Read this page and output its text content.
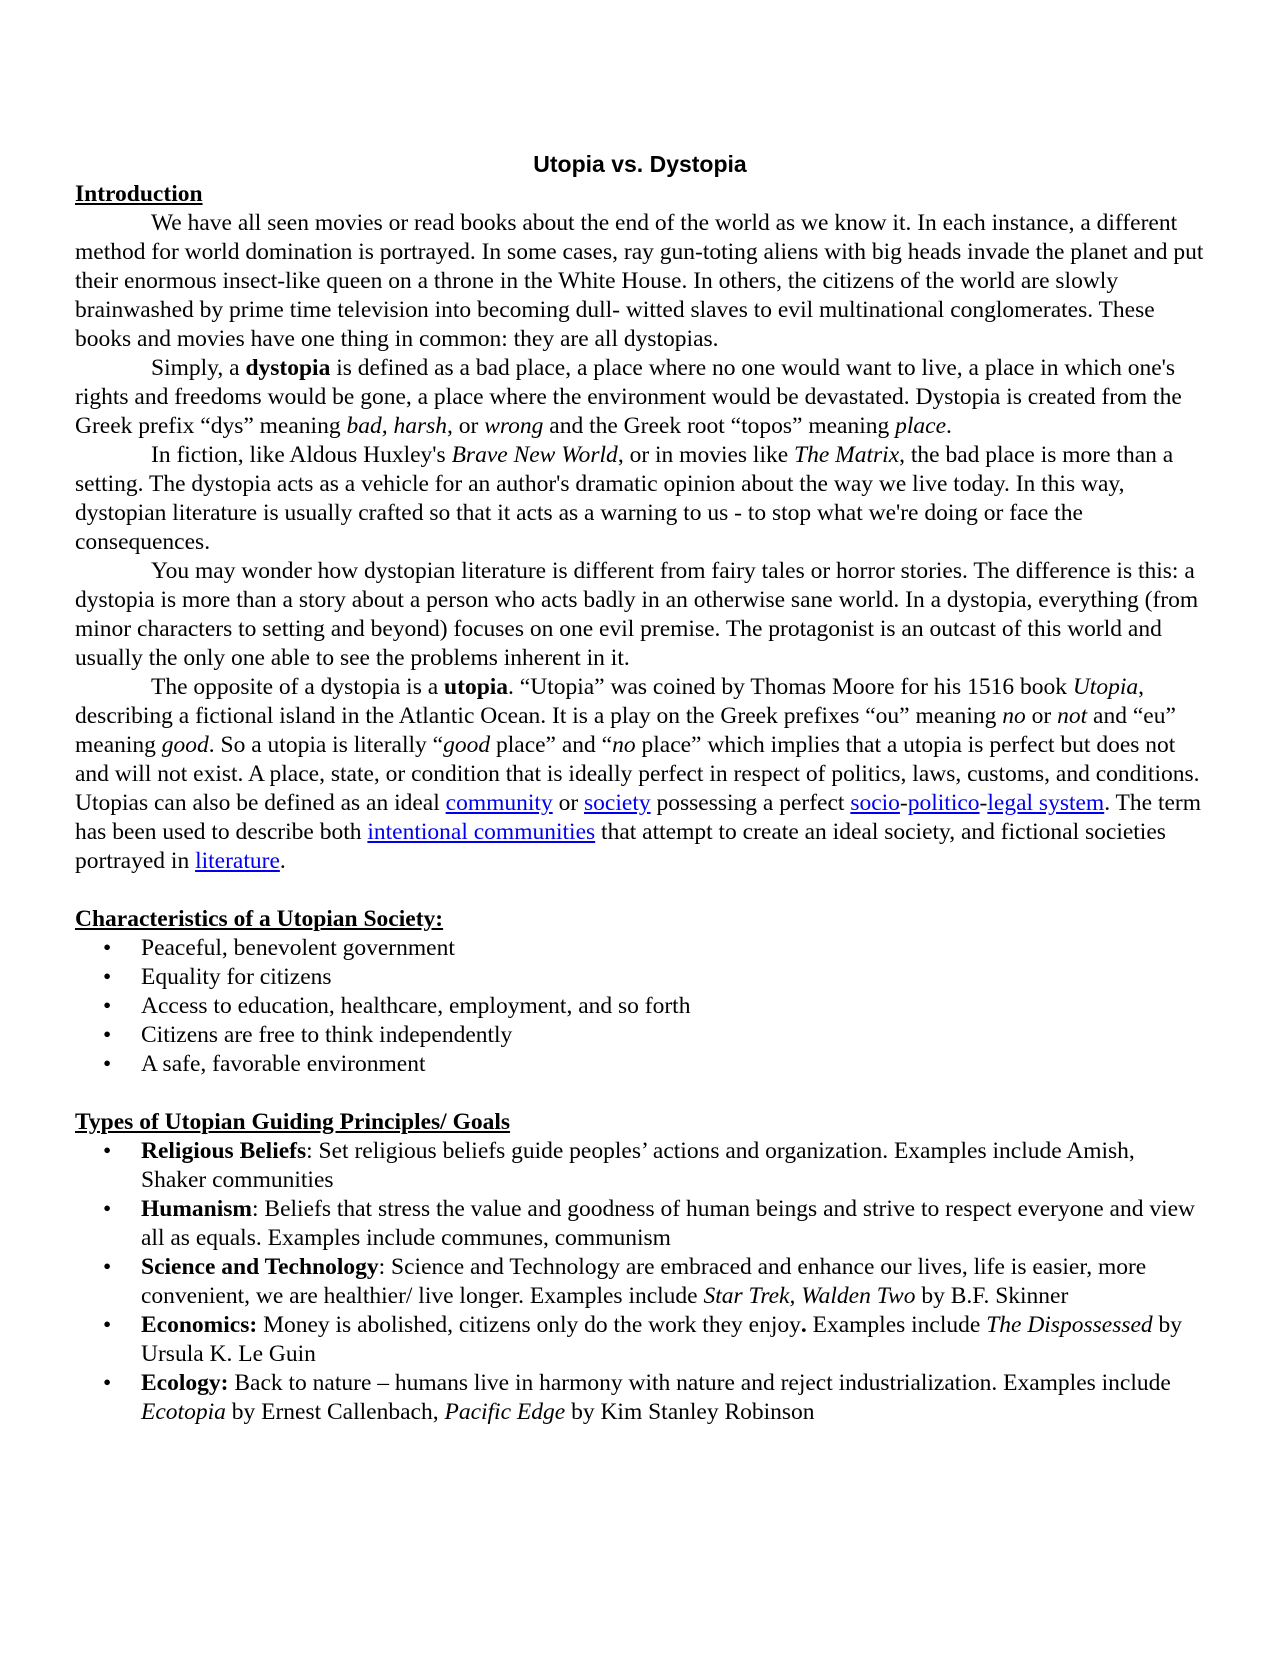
Utopia vs. Dystopia
Introduction

We have all seen movies or read books about the end of the world as we know it. In each instance, a different method for world domination is portrayed. In some cases, ray gun-toting aliens with big heads invade the planet and put their enormous insect-like queen on a throne in the White House. In others, the citizens of the world are slowly brainwashed by prime time television into becoming dull- witted slaves to evil multinational conglomerates. These books and movies have one thing in common: they are all dystopias.

Simply, a dystopia is defined as a bad place, a place where no one would want to live, a place in which one's rights and freedoms would be gone, a place where the environment would be devastated. Dystopia is created from the Greek prefix “dys” meaning bad, harsh, or wrong and the Greek root “topos” meaning place.

In fiction, like Aldous Huxley's Brave New World, or in movies like The Matrix, the bad place is more than a setting. The dystopia acts as a vehicle for an author's dramatic opinion about the way we live today. In this way, dystopian literature is usually crafted so that it acts as a warning to us - to stop what we're doing or face the consequences.

You may wonder how dystopian literature is different from fairy tales or horror stories. The difference is this: a dystopia is more than a story about a person who acts badly in an otherwise sane world. In a dystopia, everything (from minor characters to setting and beyond) focuses on one evil premise. The protagonist is an outcast of this world and usually the only one able to see the problems inherent in it.

The opposite of a dystopia is a utopia. “Utopia” was coined by Thomas Moore for his 1516 book Utopia, describing a fictional island in the Atlantic Ocean. It is a play on the Greek prefixes “ou” meaning no or not and “eu” meaning good. So a utopia is literally “good place” and “no place” which implies that a utopia is perfect but does not and will not exist. A place, state, or condition that is ideally perfect in respect of politics, laws, customs, and conditions. Utopias can also be defined as an ideal community or society possessing a perfect socio-politico-legal system. The term has been used to describe both intentional communities that attempt to create an ideal society, and fictional societies portrayed in literature.

Characteristics of a Utopian Society:
• Peaceful, benevolent government
• Equality for citizens
• Access to education, healthcare, employment, and so forth
• Citizens are free to think independently
• A safe, favorable environment
Types of Utopian Guiding Principles/ Goals
• Religious Beliefs: Set religious beliefs guide peoples’ actions and organization. Examples include Amish, Shaker communities
• Humanism: Beliefs that stress the value and goodness of human beings and strive to respect everyone and view all as equals. Examples include communes, communism
• Science and Technology: Science and Technology are embraced and enhance our lives, life is easier, more convenient, we are healthier/ live longer. Examples include Star Trek, Walden Two by B.F. Skinner
• Economics: Money is abolished, citizens only do the work they enjoy. Examples include The Dispossessed by Ursula K. Le Guin
• Ecology: Back to nature – humans live in harmony with nature and reject industrialization. Examples include Ecotopia by Ernest Callenbach, Pacific Edge by Kim Stanley Robinson
